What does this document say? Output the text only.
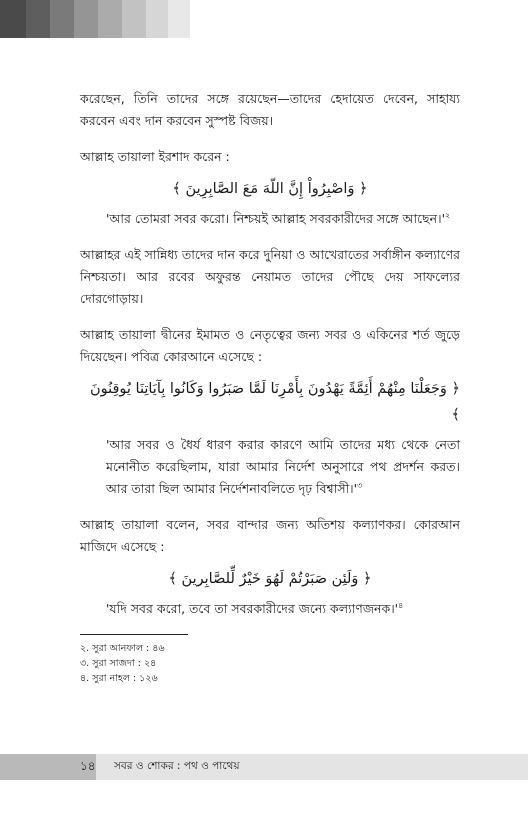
করেছেন, তিনি তাদের সঙ্গে রয়েছেন—তাদের হেদায়েত দেবেন, সাহায্য করবেন এবং দান করবেন সুস্পষ্ট বিজয়।

আল্লাহ তায়ালা ইরশাদ করেন :

﴿ وَاصْبِرُواْ إِنَّ اللّهَ مَعَ الصَّابِرِينَ ﴾

'আর তোমরা সবর করো। নিশ্চয়ই আল্লাহ সবরকারীদের সঙ্গে $আছেন।'^২$

আল্লাহর এই সান্নিধ্য তাদের দান করে দুনিয়া ও আখেরাতের সর্বাঙ্গীন কল্যাণের নিশ্চয়তা। আর রবের অফুরন্ত নেয়ামত তাদের পৌছে দেয় সাফল্যের দোরগোড়ায়।

আল্লাহ তায়ালা দ্বীনের ইমামত ও নেতৃত্বের জন্য সবর ও একিনের শর্ত জুড়ে দিয়েছেন। পবিত্র কোরআনে এসেছে :

﴿ وَجَعَلْنَا مِنْهُمْ أَئِمَّةً يَهْدُونَ بِأَمْرِنَا لَمَّا صَبَرُوا وَكَانُوا بِآيَاتِنَا يُوقِنُونَ ﴾

'আর সবর ও ধৈর্য ধারণ করার কারণে আমি তাদের মধ্য থেকে নেতা মনোনীত করেছিলাম, যারা আমার নির্দেশ অনুসারে পথ প্রদর্শন করত। আর তারা ছিল আমার নির্দেশনাবলিতে দৃঢ় $বিশ্বাসী।'^৩$

আল্লাহ তায়ালা বলেন, সবর বান্দার জন্য অতিশয় কল্যাণকর। কোরআন মাজিদে এসেছে :

﴿ وَلَئِن صَبَرْتُمْ لَهُوَ خَيْرٌ لِّلصَّابِرينَ ﴾

'যদি সবর করো, তবে তা সবরকারীদের জন্যে $কল্যাণজনক।'^৪$

২. সুরা আনফাল : ৪৬

৩. সুরা সাজদা : ২৪

৪. সুরা নাহল : ১২৬

১৪ সবর ও শোকর : পথ ও পাথেয়
